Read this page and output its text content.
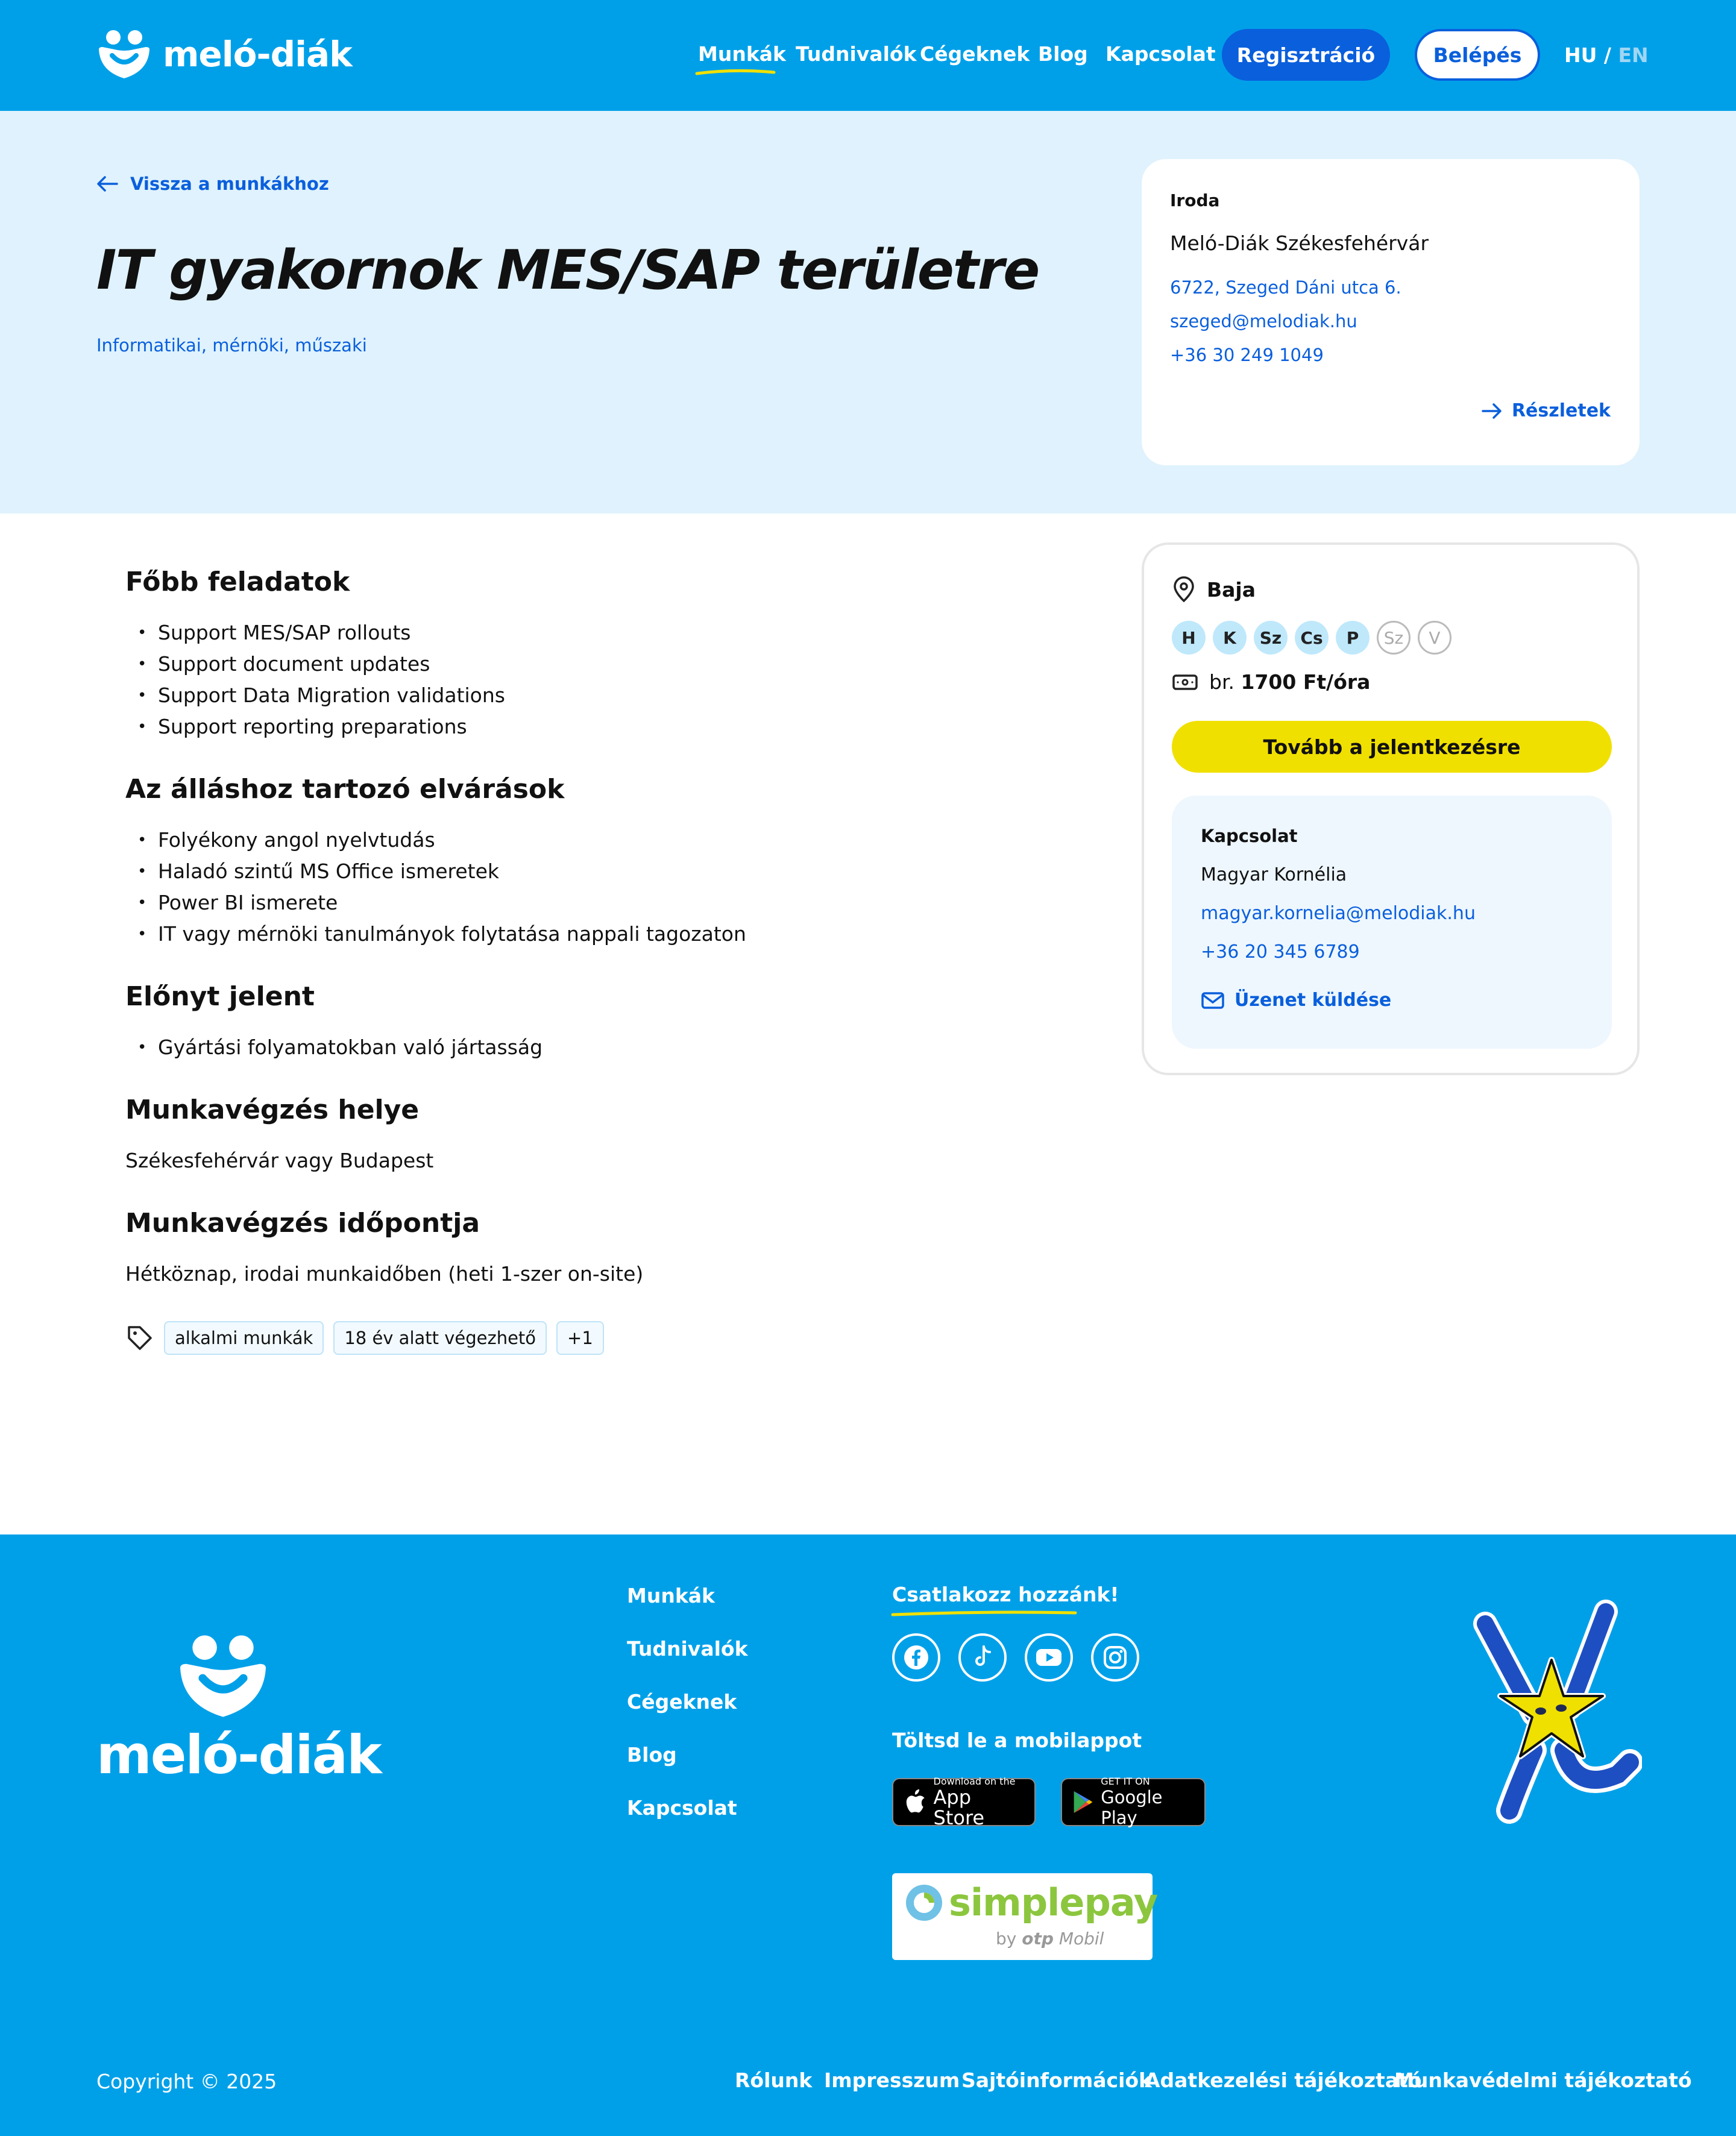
meló-diák	Munkák Tudnivalók Cégeknek Blog Kapcsolat	Regisztráció	Belépés	HU / EN
Vissza a munkákhoz
IT gyakornok MES/SAP területre
Informatikai, mérnöki, műszaki
Iroda
Meló-Diák Székesfehérvár
6722, Szeged Dáni utca 6.
szeged@melodiak.hu
+36 30 249 1049
Részletek
Főbb feladatok
• Support MES/SAP rollouts
• Support document updates
• Support Data Migration validations
• Support reporting preparations
Az álláshoz tartozó elvárások
• Folyékony angol nyelvtudás
• Haladó szintű MS Office ismeretek
• Power BI ismerete
• IT vagy mérnöki tanulmányok folytatása nappali tagozaton
Előnyt jelent
• Gyártási folyamatokban való jártasság
Munkavégzés helye

Székesfehérvár vagy Budapest

Munkavégzés időpontja

Hétköznap, irodai munkaidőben (heti 1-szer on-site)

alkalmi munkák	18 év alatt végezhető	+1
Baja
H	K	Sz	Cs	P	Sz	V
br. 1700 Ft/óra
Tovább a jelentkezésre
Kapcsolat
Magyar Kornélia
magyar.kornelia@melodiak.hu
+36 20 345 6789
Üzenet küldése
meló-diák
Munkák
Tudnivalók
Cégeknek
Blog
Kapcsolat
Csatlakozz hozzánk!
Töltsd le a mobilappot
Download on the
App Store
GET IT ON
Google Play
simplepay
by otp Mobil
Copyright © 2025	Rólunk Impresszum Sajtóinformációk
Adatkezelési tájékoztató
Munkavédelmi tájékoztató
